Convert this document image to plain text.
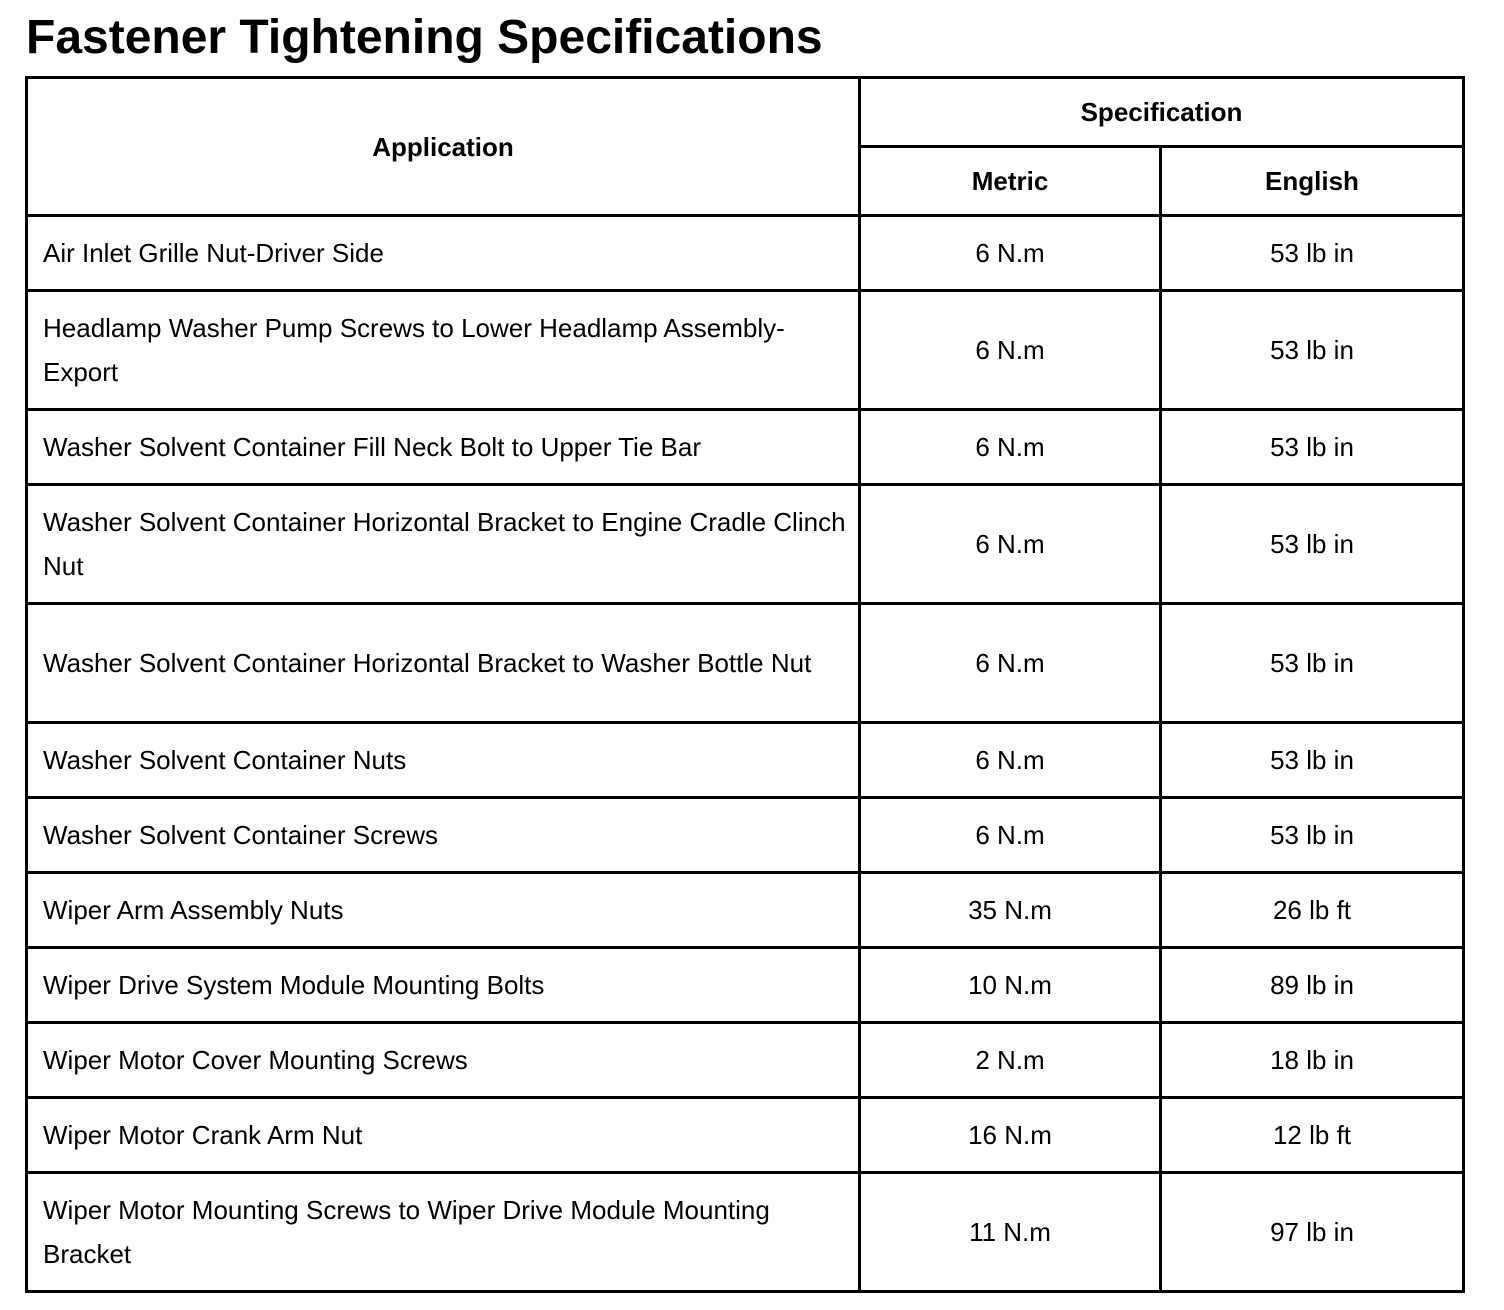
Fastener Tightening Specifications
Application	Specification	
	Metric	English
Air Inlet Grille Nut-Driver Side	6 N.m	53 lb in
Headlamp Washer Pump Screws to Lower Headlamp Assembly-Export	6 N.m	53 lb in
Washer Solvent Container Fill Neck Bolt to Upper Tie Bar	6 N.m	53 lb in
Washer Solvent Container Horizontal Bracket to Engine Cradle Clinch Nut	6 N.m	53 lb in
Washer Solvent Container Horizontal Bracket to Washer Bottle Nut	6 N.m	53 lb in
Washer Solvent Container Nuts	6 N.m	53 lb in
Washer Solvent Container Screws	6 N.m	53 lb in
Wiper Arm Assembly Nuts	35 N.m	26 lb ft
Wiper Drive System Module Mounting Bolts	10 N.m	89 lb in
Wiper Motor Cover Mounting Screws	2 N.m	18 lb in
Wiper Motor Crank Arm Nut	16 N.m	12 lb ft
Wiper Motor Mounting Screws to Wiper Drive Module Mounting Bracket	11 N.m	97 lb in
